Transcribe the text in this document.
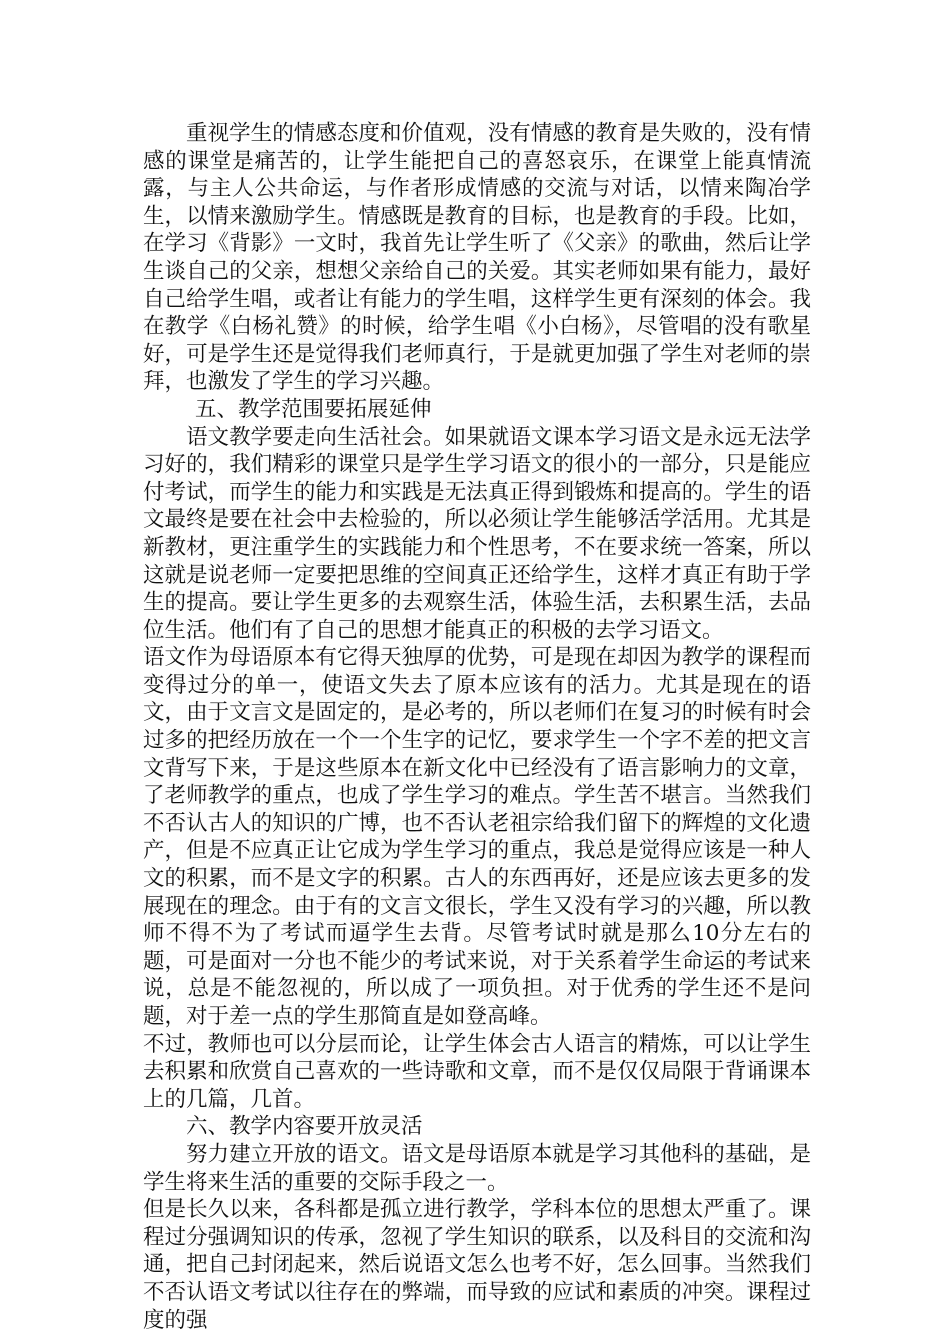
重视学生的情感态度和价值观，没有情感的教育是失败的，没有情感的课堂是痛苦的，让学生能把自己的喜怒哀乐，在课堂上能真情流露，与主人公共命运，与作者形成情感的交流与对话，以情来陶冶学生，以情来激励学生。情感既是教育的目标，也是教育的手段。比如，在学习《背影》一文时，我首先让学生听了《父亲》的歌曲，然后让学生谈自己的父亲，想想父亲给自己的关爱。其实老师如果有能力，最好自己给学生唱，或者让有能力的学生唱，这样学生更有深刻的体会。我在教学《白杨礼赞》的时候，给学生唱《小白杨》，尽管唱的没有歌星好，可是学生还是觉得我们老师真行，于是就更加强了学生对老师的崇拜，也激发了学生的学习兴趣。

五、教学范围要拓展延伸

语文教学要走向生活社会。如果就语文课本学习语文是永远无法学习好的，我们精彩的课堂只是学生学习语文的很小的一部分，只是能应付考试，而学生的能力和实践是无法真正得到锻炼和提高的。学生的语文最终是要在社会中去检验的，所以必须让学生能够活学活用。尤其是新教材，更注重学生的实践能力和个性思考，不在要求统一答案，所以这就是说老师一定要把思维的空间真正还给学生，这样才真正有助于学生的提高。要让学生更多的去观察生活，体验生活，去积累生活，去品位生活。他们有了自己的思想才能真正的积极的去学习语文。

语文作为母语原本有它得天独厚的优势，可是现在却因为教学的课程而变得过分的单一，使语文失去了原本应该有的活力。尤其是现在的语文，由于文言文是固定的，是必考的，所以老师们在复习的时候有时会过多的把经历放在一个一个生字的记忆，要求学生一个字不差的把文言文背写下来，于是这些原本在新文化中已经没有了语言影响力的文章，了老师教学的重点，也成了学生学习的难点。学生苦不堪言。当然我们不否认古人的知识的广博，也不否认老祖宗给我们留下的辉煌的文化遗产，但是不应真正让它成为学生学习的重点，我总是觉得应该是一种人文的积累，而不是文字的积累。古人的东西再好，还是应该去更多的发展现在的理念。由于有的文言文很长，学生又没有学习的兴趣，所以教师不得不为了考试而逼学生去背。尽管考试时就是那么10分左右的题，可是面对一分也不能少的考试来说，对于关系着学生命运的考试来说，总是不能忽视的，所以成了一项负担。对于优秀的学生还不是问题，对于差一点的学生那简直是如登高峰。

不过，教师也可以分层而论，让学生体会古人语言的精炼，可以让学生去积累和欣赏自己喜欢的一些诗歌和文章，而不是仅仅局限于背诵课本上的几篇，几首。

六、教学内容要开放灵活

努力建立开放的语文。语文是母语原本就是学习其他科的基础，是学生将来生活的重要的交际手段之一。

但是长久以来，各科都是孤立进行教学，学科本位的思想太严重了。课程过分强调知识的传承，忽视了学生知识的联系，以及科目的交流和沟通，把自己封闭起来，然后说语文怎么也考不好，怎么回事。当然我们不否认语文考试以往存在的弊端，而导致的应试和素质的冲突。课程过度的强
